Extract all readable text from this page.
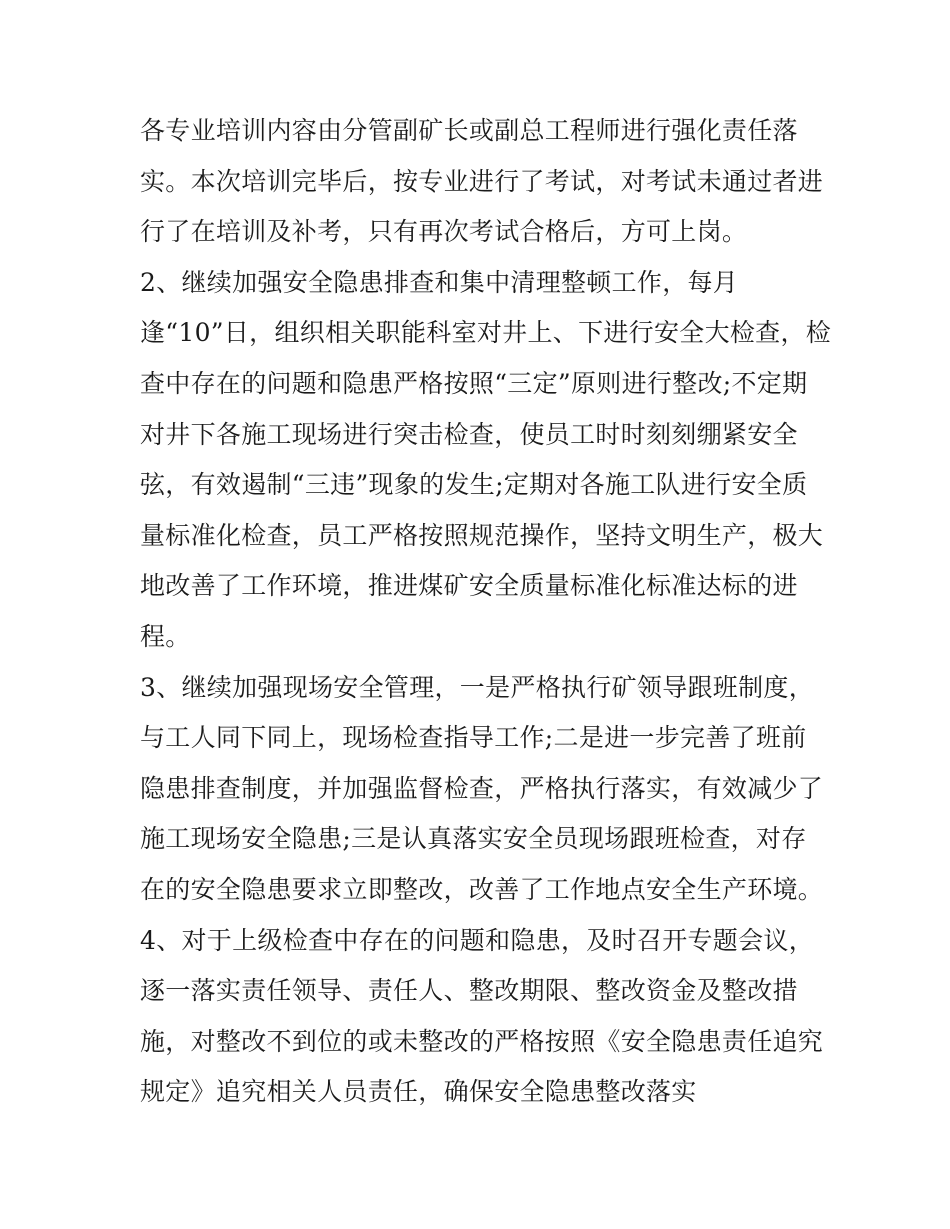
各专业培训内容由分管副矿长或副总工程师进行强化责任落
实。本次培训完毕后，按专业进行了考试，对考试未通过者进
行了在培训及补考，只有再次考试合格后，方可上岗。
2、继续加强安全隐患排查和集中清理整顿工作，每月
逢“10”日，组织相关职能科室对井上、下进行安全大检查，检
查中存在的问题和隐患严格按照“三定”原则进行整改;不定期
对井下各施工现场进行突击检查，使员工时时刻刻绷紧安全
弦，有效遏制“三违”现象的发生;定期对各施工队进行安全质
量标准化检查，员工严格按照规范操作，坚持文明生产，极大
地改善了工作环境，推进煤矿安全质量标准化标准达标的进
程。
3、继续加强现场安全管理，一是严格执行矿领导跟班制度，
与工人同下同上，现场检查指导工作;二是进一步完善了班前
隐患排查制度，并加强监督检查，严格执行落实，有效减少了
施工现场安全隐患;三是认真落实安全员现场跟班检查，对存
在的安全隐患要求立即整改，改善了工作地点安全生产环境。
4、对于上级检查中存在的问题和隐患，及时召开专题会议，
逐一落实责任领导、责任人、整改期限、整改资金及整改措
施，对整改不到位的或未整改的严格按照《安全隐患责任追究
规定》追究相关人员责任，确保安全隐患整改落实
